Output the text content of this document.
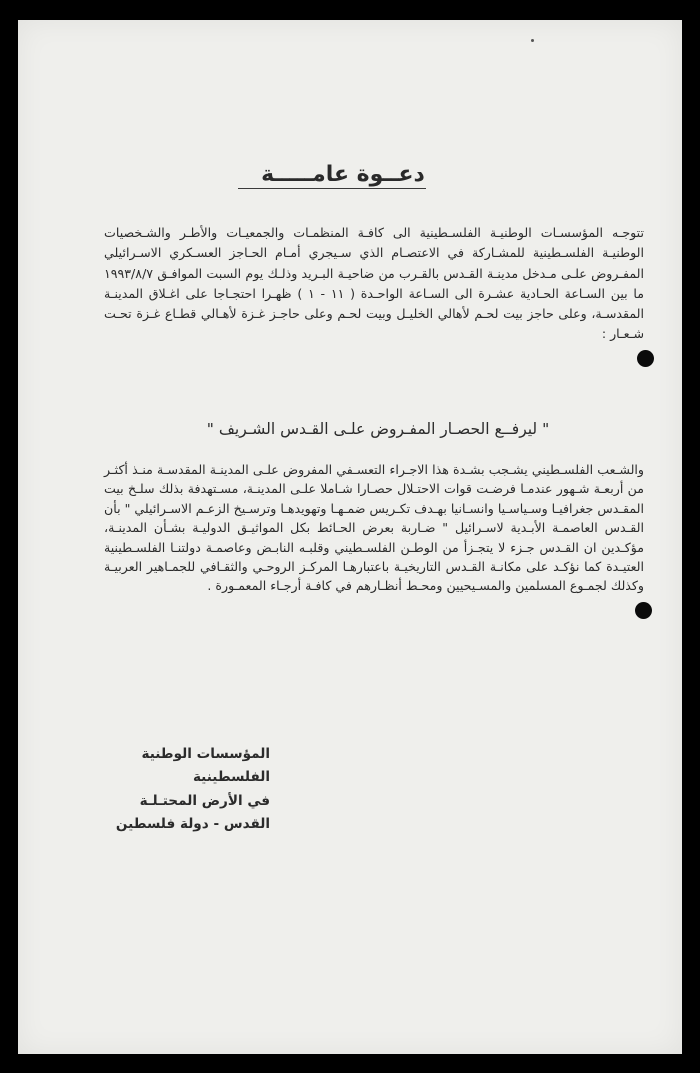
دعــوة عامـــــة
تتوجـه المؤسسـات الوطنيـة الفلسـطينية الى كافـة المنظمـات والجمعيـات والأطـر والشـخصيات الوطنيـة الفلسـطينية للمشـاركة في الاعتصـام الذي سـيجري أمـام الحـاجز العسـكري الاسـرائيلي المفـروض علـى مـدخل مدينـة القـدس بالقـرب من ضاحيـة البـريد وذلـك يوم السبت الموافـق ١٩٩٣/٨/٧ ما بين السـاعة الحـادية عشـرة الى السـاعة الواحـدة ( ١١ - ١ ) ظهـرا احتجـاجا على اغـلاق المدينـة المقدسـة، وعلى حاجز بيت لحـم لأهالي الخليـل وبيت لحـم وعلى حاجـز غـزة لأهـالي قطـاع غـزة تحـت شـعـار :
" ليرفــع الحصـار المفـروض علـى القـدس الشـريف "
والشـعب الفلسـطيني يشـجب بشـدة هذا الاجـراء التعسـفي المفروض علـى المدينـة المقدسـة منـذ أكثـر من أربعـة شـهور عندمـا فرضـت قوات الاحتـلال حصـارا شـاملا علـى المدينـة، مسـتهدفة بذلك سلـخ بيت المقـدس جغرافيـا وسـياسـيا وانسـانيا بهـدف تكـريس ضمـهـا وتهويدهـا وترسـيخ الزعـم الاسـرائيلي " بأن القـدس العاصمـة الأبـدية لاسـرائيل " ضـاربة بعرض الحـائط بكل المواثيـق الدوليـة بشـأن المدينـة، مؤكـدين ان القـدس جـزء لا يتجـزأ من الوطـن الفلسـطيني وقلبـه النابـض وعاصمـة دولتنـا الفلسـطينية العتيـدة كما نؤكـد على مكانـة القـدس التاريخيـة باعتبارهـا المركـز الروحـي والثقـافي للجمـاهير العربيـة وكذلك لجمـوع المسلمين والمسـيحيين ومحـط أنظـارهم في كافـة أرجـاء المعمـورة .
المؤسسات الوطنية الفلسطينية
في الأرض المحتـلـة
القدس - دولة فلسطين
